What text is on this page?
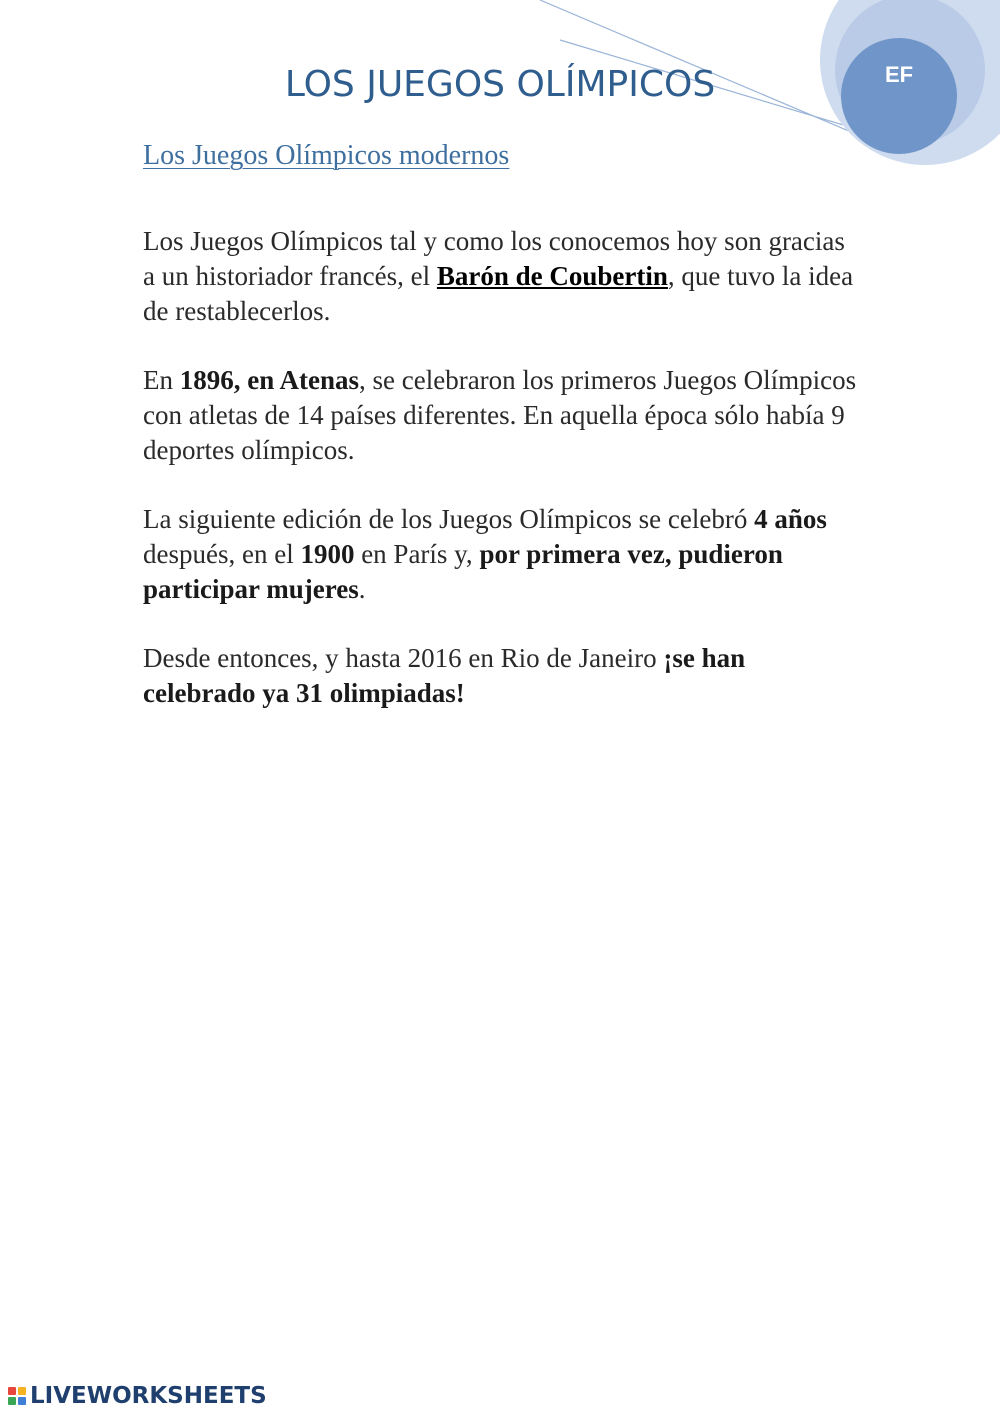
EF
LOS JUEGOS OLÍMPICOS
Los Juegos Olímpicos modernos

Los Juegos Olímpicos tal y como los conocemos hoy son gracias a un historiador francés, el Barón de Coubertin, que tuvo la idea de restablecerlos.

En 1896, en Atenas, se celebraron los primeros Juegos Olímpicos con atletas de 14 países diferentes. En aquella época sólo había 9 deportes olímpicos.

La siguiente edición de los Juegos Olímpicos se celebró 4 años después, en el 1900 en París y, por primera vez, pudieron participar mujeres.

Desde entonces, y hasta 2016 en Rio de Janeiro ¡se han celebrado ya 31 olimpiadas!

LIVEWORKSHEETS
